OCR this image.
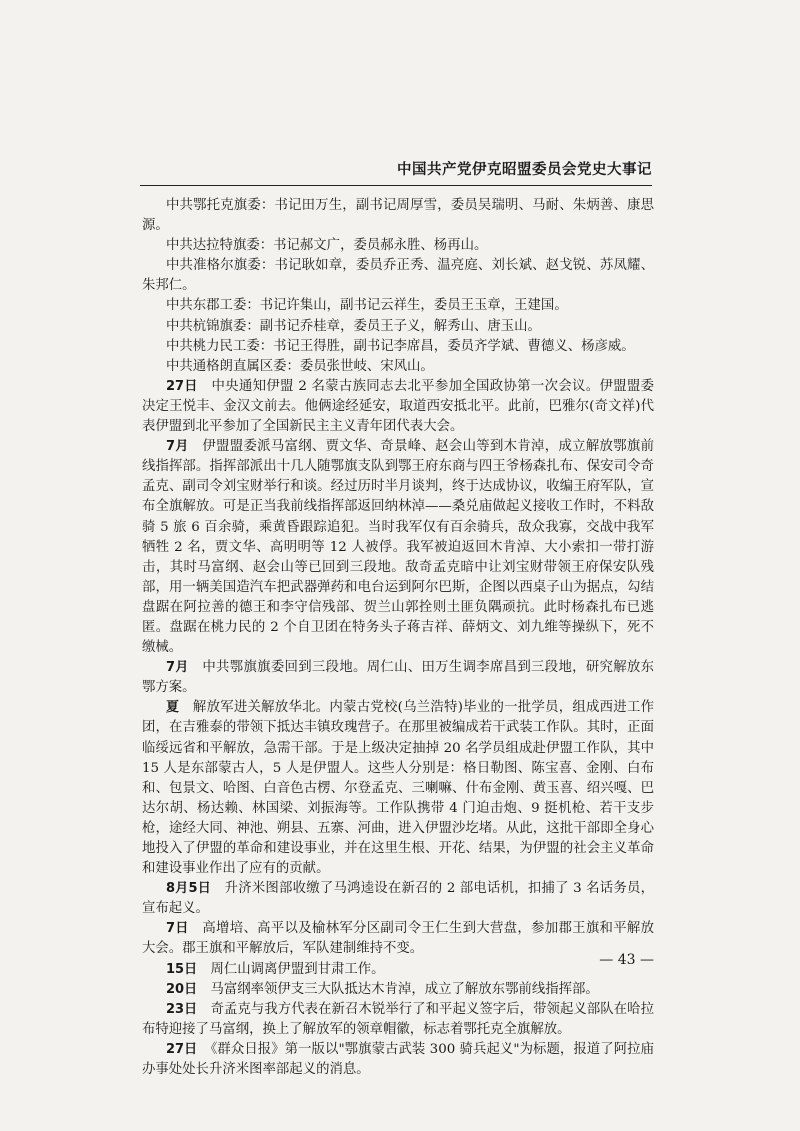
中国共产党伊克昭盟委员会党史大事记

中共鄂托克旗委：书记田万生，副书记周厚雪，委员吴瑞明、马耐、朱炳善、康思源。

中共达拉特旗委：书记郝文广，委员郝永胜、杨再山。

中共准格尔旗委：书记耿如章，委员乔正秀、温亮庭、刘长斌、赵戈锐、苏凤耀、朱邦仁。

中共东郡工委：书记许集山，副书记云祥生，委员王玉章，王建国。

中共杭锦旗委：副书记乔桂章，委员王子义，解秀山、唐玉山。

中共桃力民工委：书记王得胜，副书记李席昌，委员齐学斌、曹德义、杨彦威。

中共通格朗直属区委：委员张世岐、宋风山。

27日　 中央通知伊盟 2 名蒙古族同志去北平参加全国政协第一次会议。伊盟盟委决定王悦丰、金汉文前去。他俩途经延安，取道西安抵北平。此前，巴雅尔(奇文祥)代表伊盟到北平参加了全国新民主主义青年团代表大会。

7月　 伊盟盟委派马富纲、贾文华、奇景峰、赵会山等到木肯淖，成立解放鄂旗前线指挥部。指挥部派出十几人随鄂旗支队到鄂王府东商与四王爷杨森扎布、保安司令奇孟克、副司令刘宝财举行和谈。经过历时半月谈判，终于达成协议，收编王府军队，宣布全旗解放。可是正当我前线指挥部返回纳林淖——桑兑庙做起义接收工作时，不料敌骑 5 旅 6 百余骑，乘黄昏跟踪追犯。当时我军仅有百余骑兵，敌众我寡，交战中我军牺牲 2 名，贾文华、高明明等 12 人被俘。我军被迫返回木肯淖、大小索扣一带打游击，其时马富纲、赵会山等已回到三段地。敌奇孟克暗中让刘宝财带领王府保安队残部，用一辆美国造汽车把武器弹药和电台运到阿尔巴斯，企图以西桌子山为据点，勾结盘踞在阿拉善的德王和李守信残部、贺兰山郭拴则土匪负隅顽抗。此时杨森扎布已逃匿。盘踞在桃力民的 2 个自卫团在特务头子蒋吉祥、薛炳文、刘九维等操纵下，死不缴械。

7月　 中共鄂旗旗委回到三段地。周仁山、田万生调李席昌到三段地，研究解放东鄂方案。

夏　 解放军进关解放华北。内蒙古党校(乌兰浩特)毕业的一批学员，组成西进工作团，在吉雅泰的带领下抵达丰镇玫瑰营子。在那里被编成若干武装工作队。其时，正面临绥远省和平解放，急需干部。于是上级决定抽掉 20 名学员组成赴伊盟工作队，其中 15 人是东部蒙古人，5 人是伊盟人。这些人分别是：格日勒图、陈宝喜、金刚、白布和、包景文、哈图、白音色古楞、尔登孟克、三喇嘛、什布金刚、黄玉喜、绍兴嘎、巴达尔胡、杨达赖、林国梁、刘振海等。工作队携带 4 门迫击炮、9 挺机枪、若干支步枪，途经大同、神池、朔县、五寨、河曲，进入伊盟沙圪堵。从此，这批干部即全身心地投入了伊盟的革命和建设事业，并在这里生根、开花、结果，为伊盟的社会主义革命和建设事业作出了应有的贡献。

8月5日　 升济米图部收缴了马鸿逵设在新召的 2 部电话机，扣捕了 3 名话务员，宣布起义。

7日　 高增培、高平以及榆林军分区副司令王仁生到大营盘，参加郡王旗和平解放大会。郡王旗和平解放后，军队建制维持不变。

15日　 周仁山调离伊盟到甘肃工作。

20日　 马富纲率领伊支三大队抵达木肯淖，成立了解放东鄂前线指挥部。

23日　 奇孟克与我方代表在新召木锐举行了和平起义签字后，带领起义部队在哈拉布特迎接了马富纲，换上了解放军的领章帽徽，标志着鄂托克全旗解放。

27日　 《群众日报》第一版以"鄂旗蒙古武装 300 骑兵起义"为标题，报道了阿拉庙办事处处长升济米图率部起义的消息。

— 43 —
